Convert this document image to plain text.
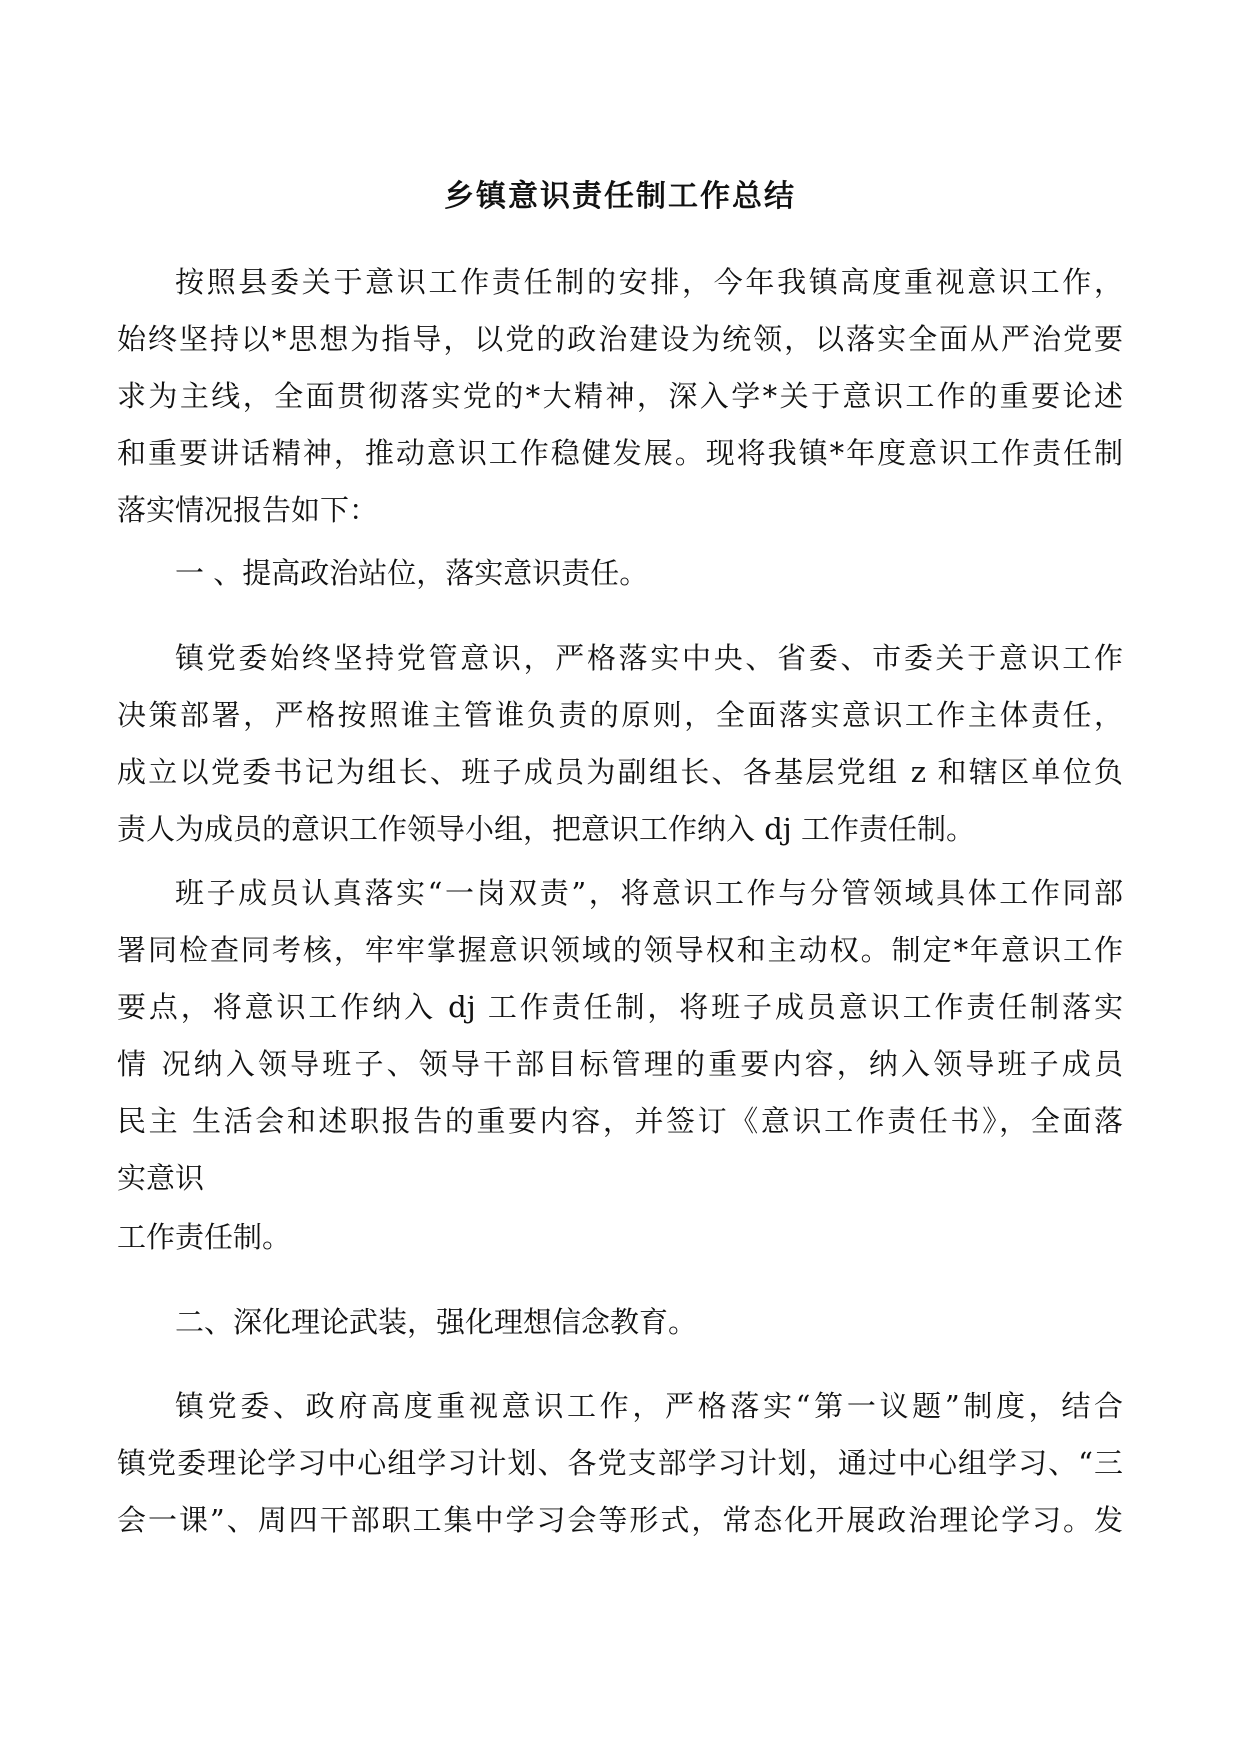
乡镇意识责任制工作总结
按照县委关于意识工作责任制的安排，今年我镇高度重视意识工作，
始终坚持以*思想为指导，以党的政治建设为统领，以落实全面从严治党要
求为主线，全面贯彻落实党的*大精神，深入学*关于意识工作的重要论述
和重要讲话精神，推动意识工作稳健发展。现将我镇*年度意识工作责任制
落实情况报告如下：
一 、提高政治站位，落实意识责任。
镇党委始终坚持党管意识，严格落实中央、省委、市委关于意识工作
决策部署，严格按照谁主管谁负责的原则，全面落实意识工作主体责任，
成立以党委书记为组长、班子成员为副组长、各基层党组 z 和辖区单位负
责人为成员的意识工作领导小组，把意识工作纳入 dj 工作责任制。
班子成员认真落实“一岗双责”，将意识工作与分管领域具体工作同部
署同检查同考核，牢牢掌握意识领域的领导权和主动权。制定*年意识工作
要点，将意识工作纳入 dj 工作责任制，将班子成员意识工作责任制落实
情 况纳入领导班子、领导干部目标管理的重要内容，纳入领导班子成员
民主 生活会和述职报告的重要内容，并签订《意识工作责任书》，全面落
实意识
工作责任制。
二、深化理论武装，强化理想信念教育。
镇党委、政府高度重视意识工作，严格落实“第一议题”制度，结合
镇党委理论学习中心组学习计划、各党支部学习计划，通过中心组学习、“三
会一课”、周四干部职工集中学习会等形式，常态化开展政治理论学习。发
